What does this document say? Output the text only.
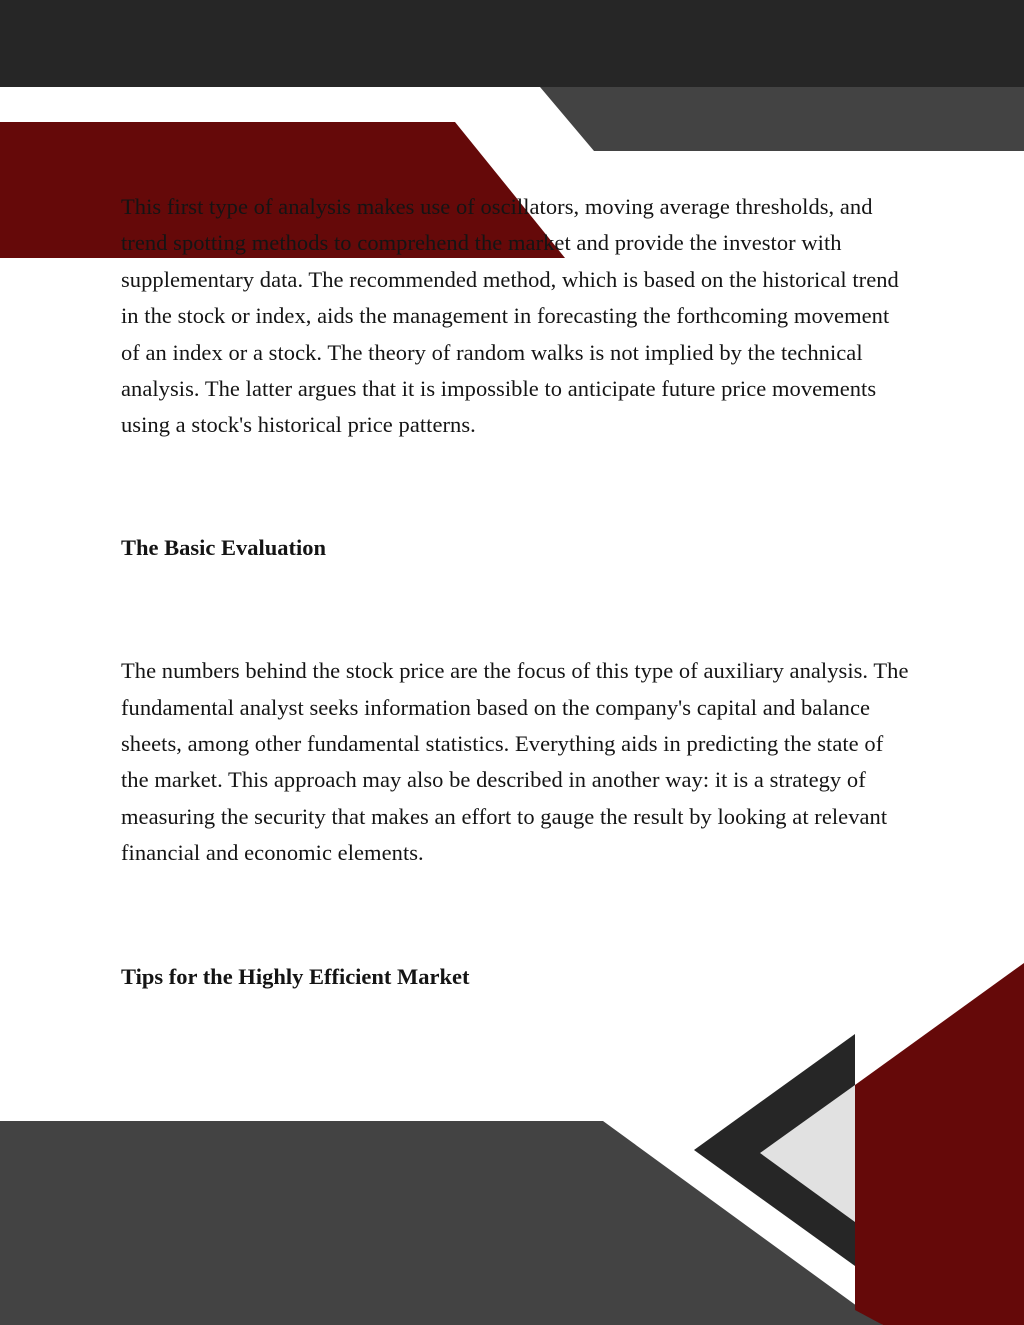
This first type of analysis makes use of oscillators, moving average thresholds, and trend spotting methods to comprehend the market and provide the investor with supplementary data. The recommended method, which is based on the historical trend in the stock or index, aids the management in forecasting the forthcoming movement of an index or a stock. The theory of random walks is not implied by the technical analysis. The latter argues that it is impossible to anticipate future price movements using a stock's historical price patterns.

The Basic Evaluation

The numbers behind the stock price are the focus of this type of auxiliary analysis. The fundamental analyst seeks information based on the company's capital and balance sheets, among other fundamental statistics. Everything aids in predicting the state of the market. This approach may also be described in another way: it is a strategy of measuring the security that makes an effort to gauge the result by looking at relevant financial and economic elements.

Tips for the Highly Efficient Market
